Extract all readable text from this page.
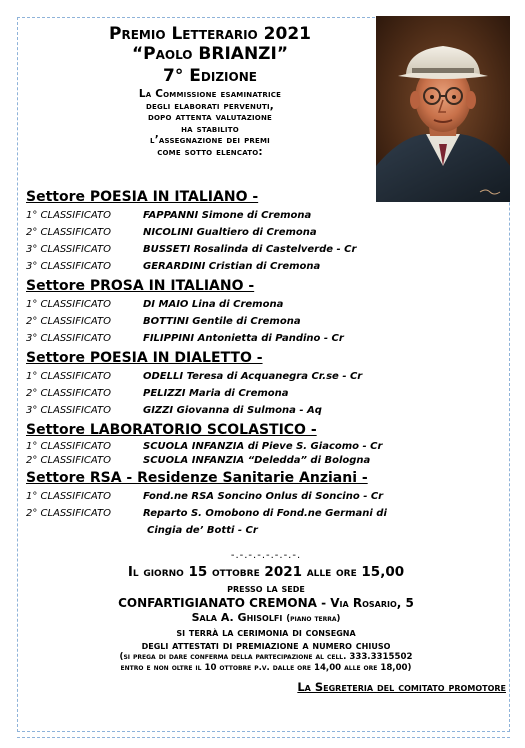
Premio Letterario 2021
“Paolo BRIANZI”
7° Edizione
La Commissione esaminatrice
degli elaborati pervenuti,
dopo attenta valutazione
ha stabilito
l’assegnazione dei premi
come sotto elencato:
Settore POESIA IN ITALIANO -
1° CLASSIFICATO	FAPPANNI Simone di Cremona
2° CLASSIFICATO	NICOLINI Gualtiero di Cremona
3° CLASSIFICATO	BUSSETI Rosalinda di Castelverde - Cr
3° CLASSIFICATO	GERARDINI Cristian di Cremona
Settore PROSA IN ITALIANO -
1° CLASSIFICATO	DI MAIO Lina di Cremona
2° CLASSIFICATO	BOTTINI Gentile di Cremona
3° CLASSIFICATO	FILIPPINI Antonietta di Pandino - Cr
Settore POESIA IN DIALETTO -
1° CLASSIFICATO	ODELLI Teresa di Acquanegra Cr.se - Cr
2° CLASSIFICATO	PELIZZI Maria di Cremona
3° CLASSIFICATO	GIZZI Giovanna di Sulmona - Aq
Settore LABORATORIO SCOLASTICO -
1° CLASSIFICATO	SCUOLA INFANZIA di Pieve S. Giacomo - Cr
2° CLASSIFICATO	SCUOLA INFANZIA “Deledda” di Bologna
Settore RSA - Residenze Sanitarie Anziani -
1° CLASSIFICATO	Fond.ne RSA Soncino Onlus di Soncino - Cr
2° CLASSIFICATO	Reparto S. Omobono di Fond.ne Germani di
Cingia de’ Botti - Cr
-.-.-.-.-.-.-.-.
Il giorno 15 ottobre 2021 alle ore 15,00
presso la sede
CONFARTIGIANATO CREMONA - Via Rosario, 5
Sala A. Ghisolfi (piano terra)
si terrà la cerimonia di consegna
degli attestati di premiazione a numero chiuso
(si prega di dare conferma della partecipazione al cell. 333.3315502
entro e non oltre il 10 ottobre p.v. dalle ore 14,00 alle ore 18,00)
La Segreteria del comitato promotore
